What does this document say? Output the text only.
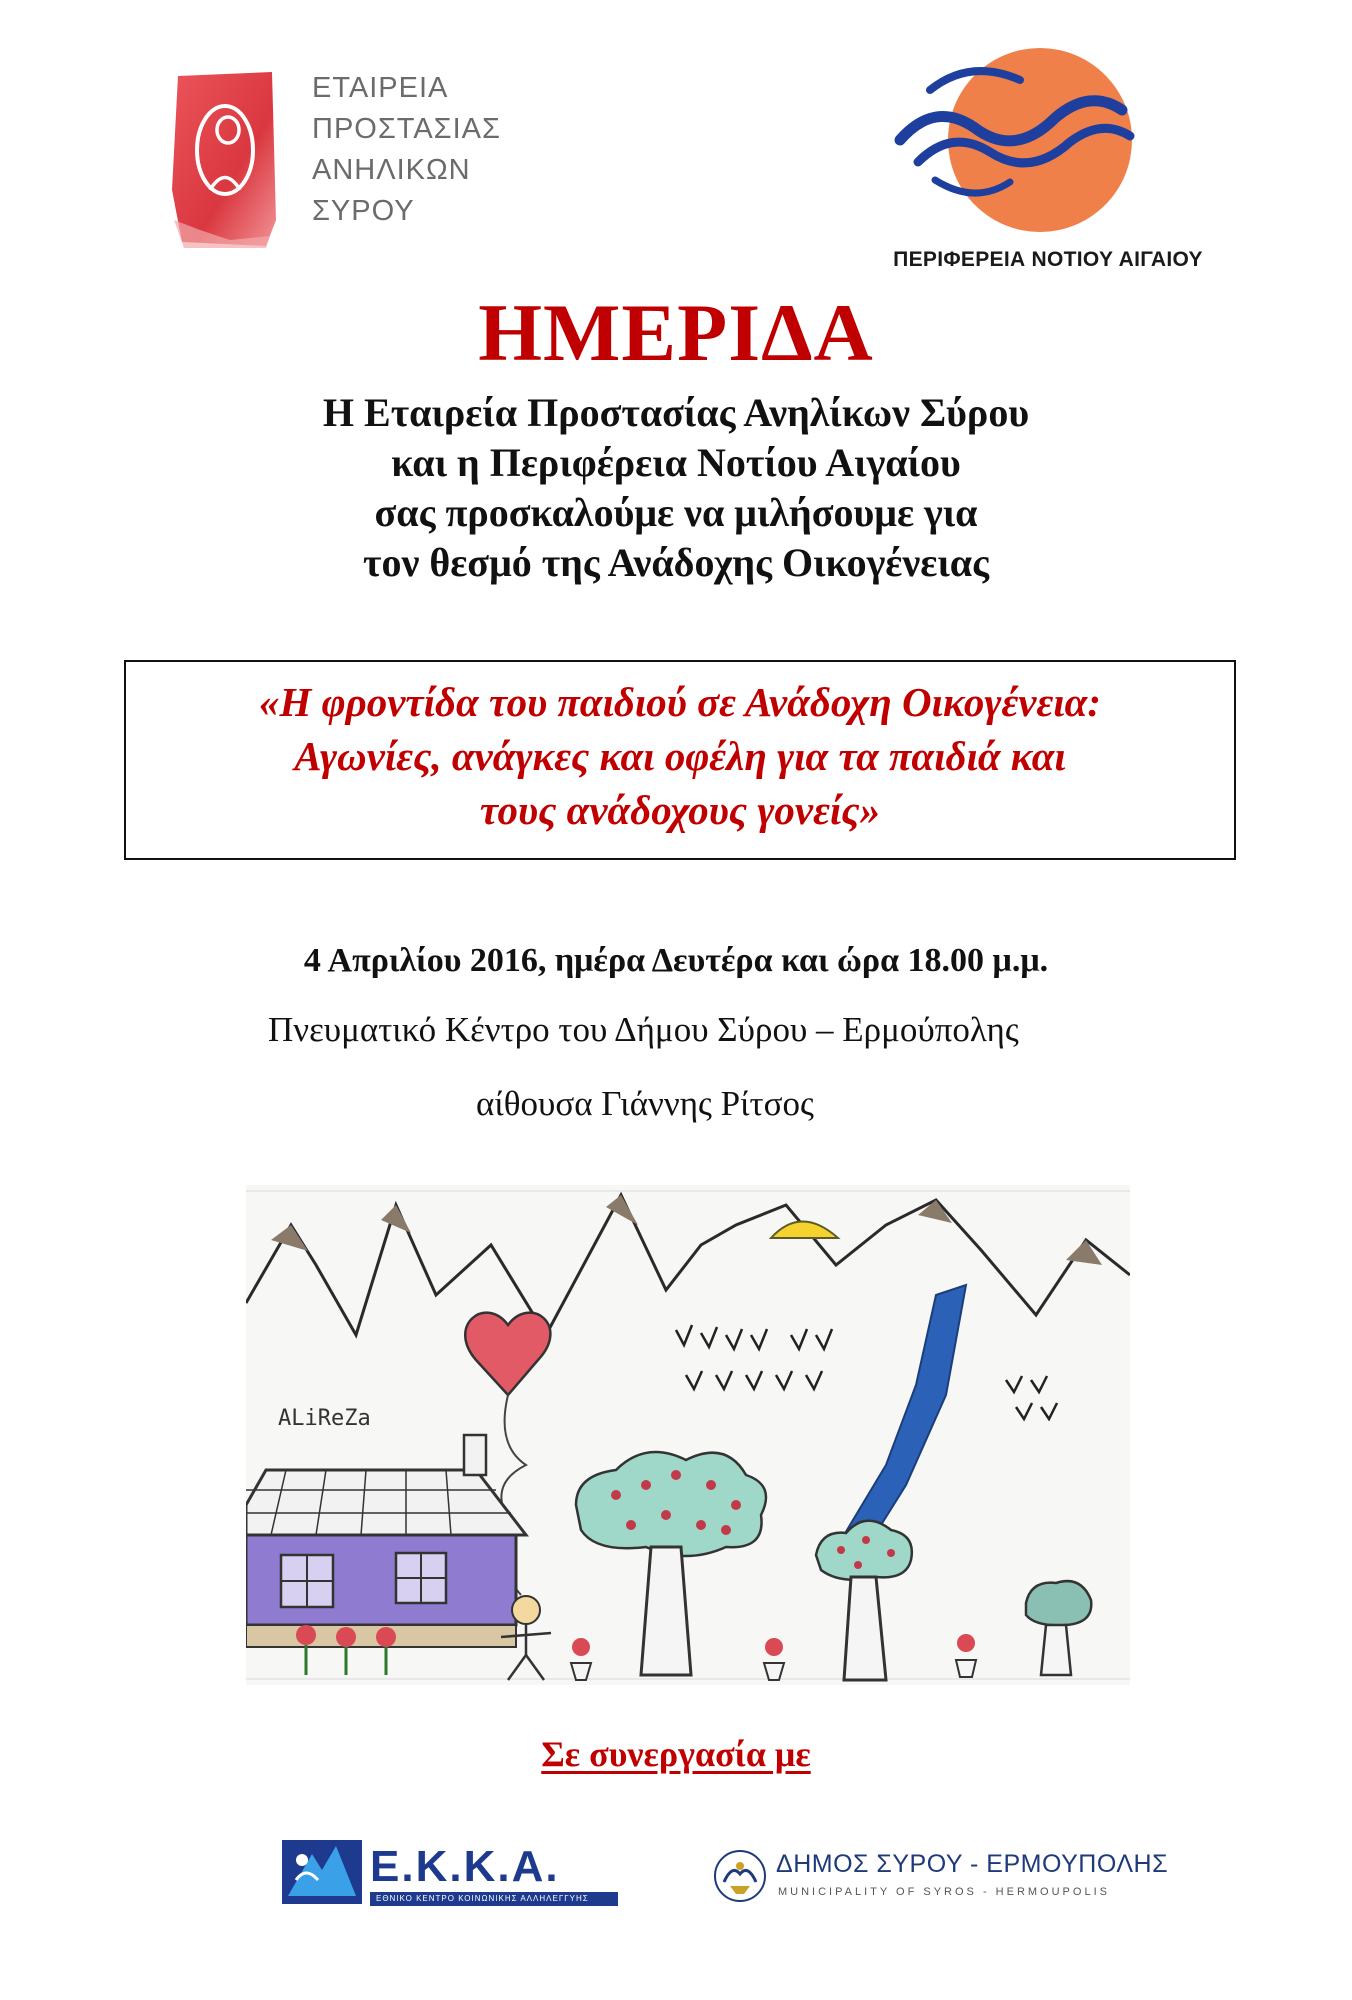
ΕΤΑΙΡΕΙΑ
ΠΡΟΣΤΑΣΙΑΣ
ΑΝΗΛΙΚΩΝ
ΣΥΡΟΥ
ΠΕΡΙΦΕΡΕΙΑ ΝΟΤΙΟΥ ΑΙΓΑΙΟΥ
ΗΜΕΡΙΔΑ
Η Εταιρεία Προστασίας Ανηλίκων Σύρου
και η Περιφέρεια Νοτίου Αιγαίου
σας προσκαλούμε να μιλήσουμε για
τον θεσμό της Ανάδοχης Οικογένειας
«Η φροντίδα του παιδιού σε Ανάδοχη Οικογένεια:
Αγωνίες, ανάγκες και οφέλη για τα παιδιά και
τους ανάδοχους γονείς»
4 Απριλίου 2016, ημέρα Δευτέρα και ώρα 18.00 μ.μ.
Πνευματικό Κέντρο του Δήμου Σύρου – Ερμούπολης
αίθουσα Γιάννης Ρίτσος
ALiReZa
Σε συνεργασία με
Ε.Κ.Κ.Α.
ΕΘΝΙΚΟ ΚΕΝΤΡΟ ΚΟΙΝΩΝΙΚΗΣ ΑΛΛΗΛΕΓΓΥΗΣ
ΔΗΜΟΣ ΣΥΡΟΥ - ΕΡΜΟΥΠΟΛΗΣ
MUNICIPALITY OF SYROS - HERMOUPOLIS
